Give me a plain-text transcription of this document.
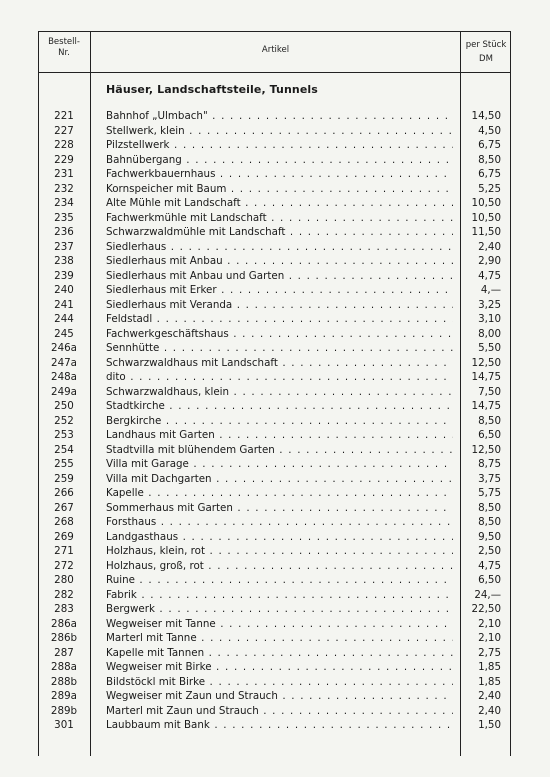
Bestell-
Nr.	Artikel	per Stück
DM
Häuser, Landschaftsteile, Tunnels
221	Bahnhof „Ulmbach" . . .	14,50
227	Stellwerk, klein . . .	4,50
228	Pilzstellwerk . . .	6,75
229	Bahnübergang . . .	8,50
231	Fachwerkbauernhaus . . .	6,75
232	Kornspeicher mit Baum . . .	5,25
234	Alte Mühle mit Landschaft . . .	10,50
235	Fachwerkmühle mit Landschaft . . .	10,50
236	Schwarzwaldmühle mit Landschaft . . .	11,50
237	Siedlerhaus . . .	2,40
238	Siedlerhaus mit Anbau . . .	2,90
239	Siedlerhaus mit Anbau und Garten . . .	4,75
240	Siedlerhaus mit Erker . . .	4,—
241	Siedlerhaus mit Veranda . . .	3,25
244	Feldstadl . . .	3,10
245	Fachwerkgeschäftshaus . . .	8,00
246a	Sennhütte . . .	5,50
247a	Schwarzwaldhaus mit Landschaft . . .	12,50
248a	dito . . .	14,75
249a	Schwarzwaldhaus, klein . . .	7,50
250	Stadtkirche . . .	14,75
252	Bergkirche . . .	8,50
253	Landhaus mit Garten . . .	6,50
254	Stadtvilla mit blühendem Garten . . .	12,50
255	Villa mit Garage . . .	8,75
259	Villa mit Dachgarten . . .	3,75
266	Kapelle . . .	5,75
267	Sommerhaus mit Garten . . .	8,50
268	Forsthaus . . .	8,50
269	Landgasthaus . . .	9,50
271	Holzhaus, klein, rot . . .	2,50
272	Holzhaus, groß, rot . . .	4,75
280	Ruine . . .	6,50
282	Fabrik . . .	24,—
283	Bergwerk . . .	22,50
286a	Wegweiser mit Tanne . . .	2,10
286b	Marterl mit Tanne . . .	2,10
287	Kapelle mit Tannen . . .	2,75
288a	Wegweiser mit Birke . . .	1,85
288b	Bildstöckl mit Birke . . .	1,85
289a	Wegweiser mit Zaun und Strauch . . .	2,40
289b	Marterl mit Zaun und Strauch . . .	2,40
301	Laubbaum mit Bank . . .	1,50
